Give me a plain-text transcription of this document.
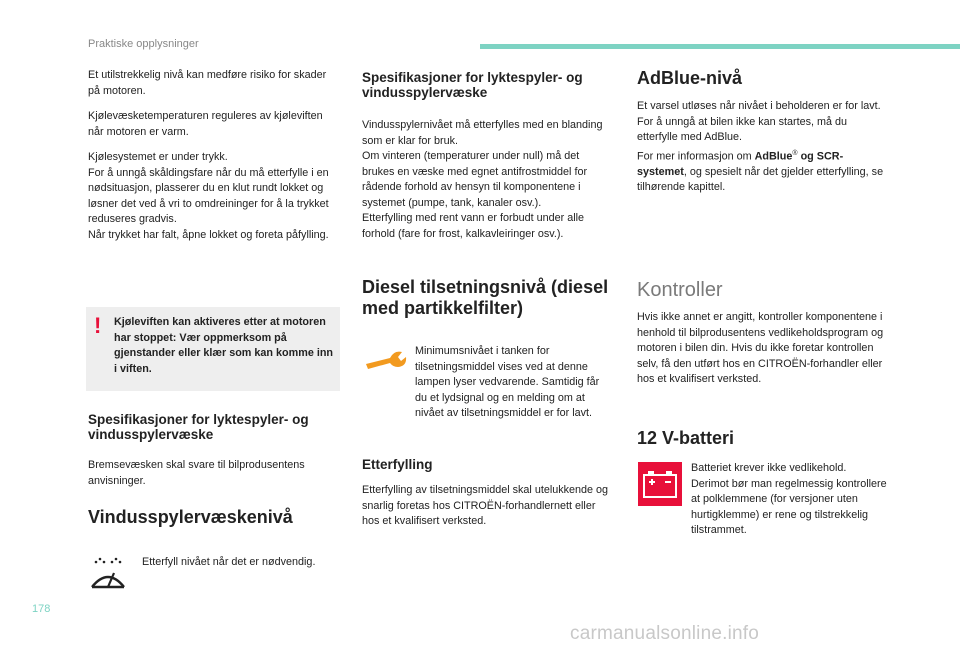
Praktiske opplysninger

Et utilstrekkelig nivå kan medføre risiko for skader på motoren.

Kjølevæsketemperaturen reguleres av kjøleviften når motoren er varm.

Kjølesystemet er under trykk.

For å unngå skåldingsfare når du må etterfylle i en nødsituasjon, plasserer du en klut rundt lokket og løsner det ved å vri to omdreininger for å la trykket reduseres gradvis.

Når trykket har falt, åpne lokket og foreta påfylling.

! Kjøleviften kan aktiveres etter at motoren har stoppet: Vær oppmerksom på gjenstander eller klær som kan komme inn i viften.
Spesifikasjoner for lyktespyler- og vindusspylervæske

Bremsevæsken skal svare til bilprodusentens anvisninger.

Vindusspylervæskenivå

Etterfyll nivået når det er nødvendig.

Spesifikasjoner for lyktespyler- og vindusspylervæske

Vindusspylernivået må etterfylles med en blanding som er klar for bruk.

Om vinteren (temperaturer under null) må det brukes en væske med egnet antifrostmiddel for rådende forhold av hensyn til komponentene i systemet (pumpe, tank, kanaler osv.).

Etterfylling med rent vann er forbudt under alle forhold (fare for frost, kalkavleiringer osv.).

Diesel tilsetningsnivå (diesel med partikkelfilter)

Minimumsnivået i tanken for tilsetningsmiddel vises ved at denne lampen lyser vedvarende. Samtidig får du et lydsignal og en melding om at nivået av tilsetningsmiddel er for lavt.

Etterfylling

Etterfylling av tilsetningsmiddel skal utelukkende og snarlig foretas hos CITROËN-forhandlernett eller hos et kvalifisert verksted.

AdBlue-nivå

Et varsel utløses når nivået i beholderen er for lavt.

For å unngå at bilen ikke kan startes, må du etterfylle med AdBlue.

For mer informasjon om AdBlue® og SCR-systemet, og spesielt når det gjelder etterfylling, se tilhørende kapittel.

Kontroller

Hvis ikke annet er angitt, kontroller komponentene i henhold til bilprodusentens vedlikeholdsprogram og motoren i bilen din. Hvis du ikke foretar kontrollen selv, få den utført hos en CITROËN-forhandler eller hos et kvalifisert verksted.

12 V-batteri

Batteriet krever ikke vedlikehold. Derimot bør man regelmessig kontrollere at polklemmene (for versjoner uten hurtigklemme) er rene og tilstrekkelig tilstrammet.

178
carmanualsonline.info
